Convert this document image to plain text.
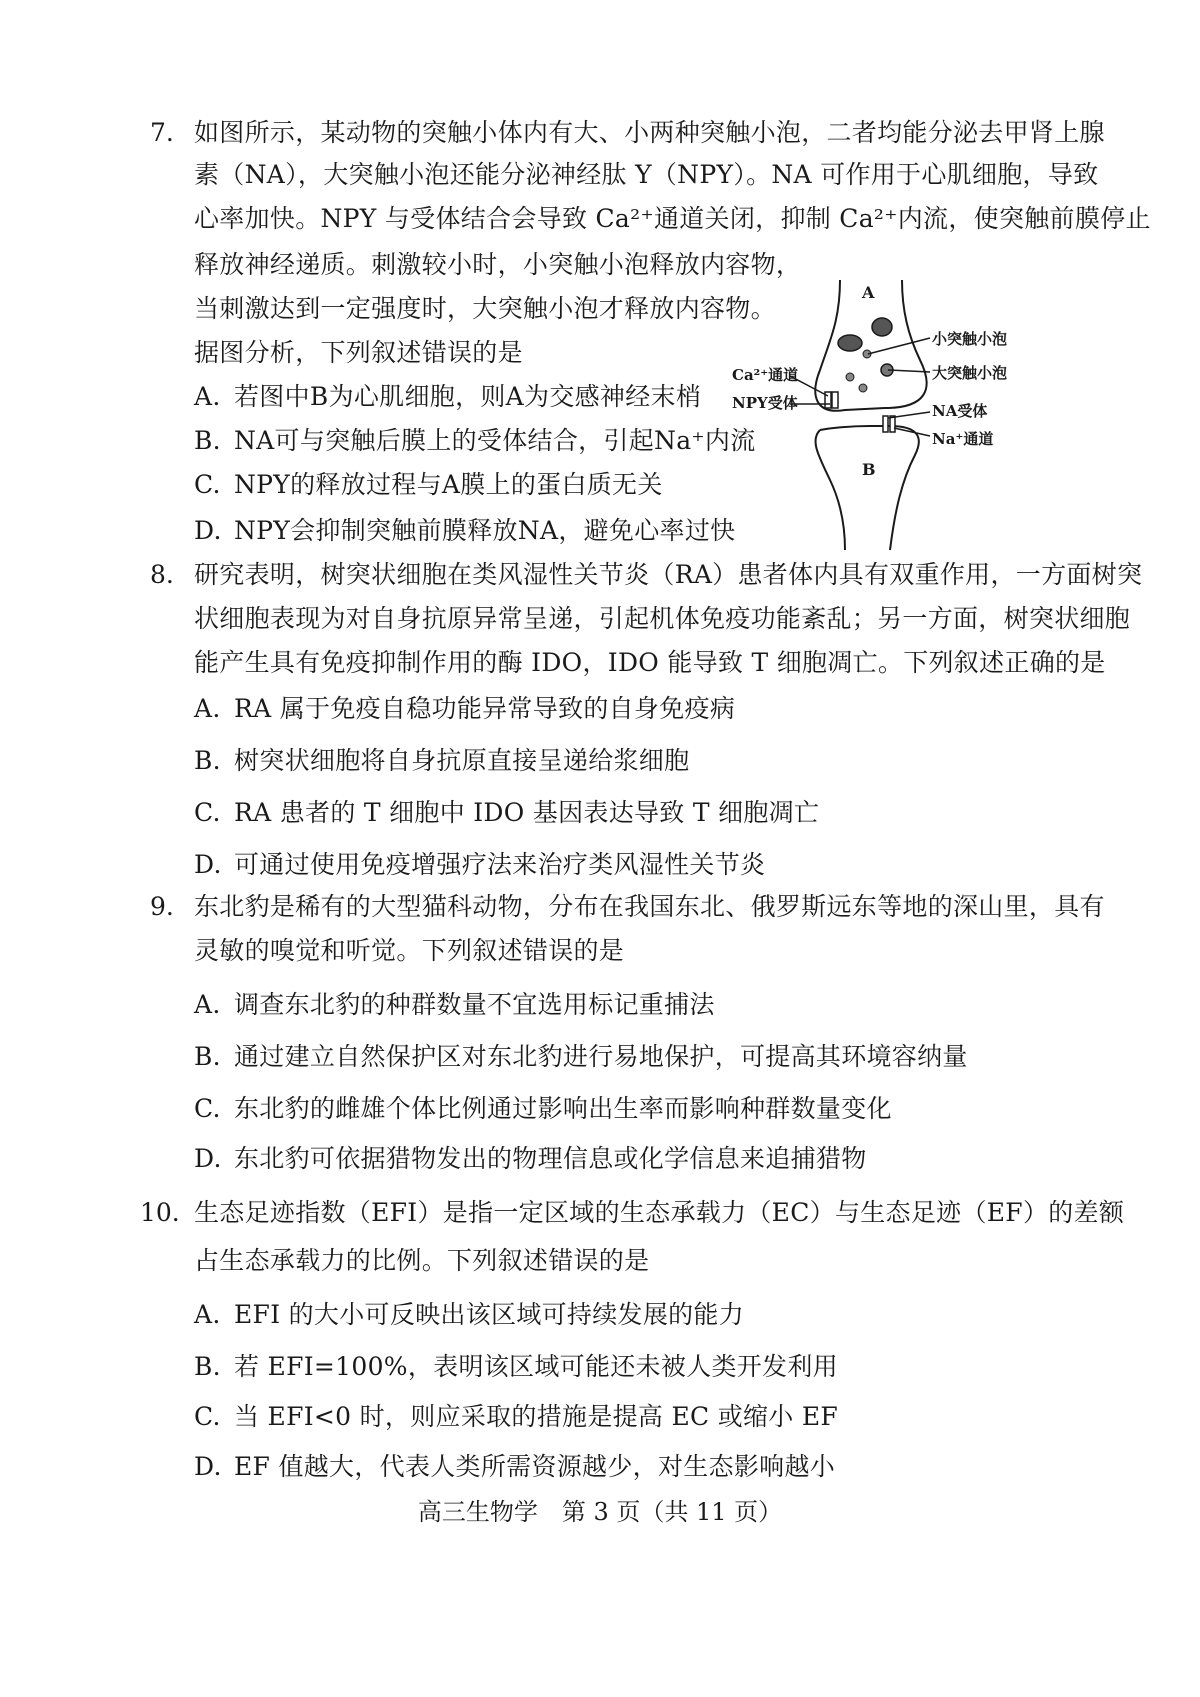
7. 如图所示，某动物的突触小体内有大、小两种突触小泡，二者均能分泌去甲肾上腺
素（NA），大突触小泡还能分泌神经肽 Y（NPY）。NA 可作用于心肌细胞，导致
心率加快。NPY 与受体结合会导致 Ca²⁺通道关闭，抑制 Ca²⁺内流，使突触前膜停止
释放神经递质。刺激较小时，小突触小泡释放内容物，
当刺激达到一定强度时，大突触小泡才释放内容物。
据图分析，下列叙述错误的是
A. 若图中B为心肌细胞，则A为交感神经末梢
B. NA可与突触后膜上的受体结合，引起Na⁺内流
C. NPY的释放过程与A膜上的蛋白质无关
D. NPY会抑制突触前膜释放NA，避免心率过快
A
B
小突触小泡
大突触小泡
NA受体
Na⁺通道
Ca²⁺通道
NPY受体
8. 研究表明，树突状细胞在类风湿性关节炎（RA）患者体内具有双重作用，一方面树突
状细胞表现为对自身抗原异常呈递，引起机体免疫功能紊乱；另一方面，树突状细胞
能产生具有免疫抑制作用的酶 IDO，IDO 能导致 T 细胞凋亡。下列叙述正确的是
A. RA 属于免疫自稳功能异常导致的自身免疫病
B. 树突状细胞将自身抗原直接呈递给浆细胞
C. RA 患者的 T 细胞中 IDO 基因表达导致 T 细胞凋亡
D. 可通过使用免疫增强疗法来治疗类风湿性关节炎
9. 东北豹是稀有的大型猫科动物，分布在我国东北、俄罗斯远东等地的深山里，具有
灵敏的嗅觉和听觉。下列叙述错误的是
A. 调查东北豹的种群数量不宜选用标记重捕法
B. 通过建立自然保护区对东北豹进行易地保护，可提高其环境容纳量
C. 东北豹的雌雄个体比例通过影响出生率而影响种群数量变化
D. 东北豹可依据猎物发出的物理信息或化学信息来追捕猎物
10. 生态足迹指数（EFI）是指一定区域的生态承载力（EC）与生态足迹（EF）的差额
占生态承载力的比例。下列叙述错误的是
A. EFI 的大小可反映出该区域可持续发展的能力
B. 若 EFI=100%，表明该区域可能还未被人类开发利用
C. 当 EFI<0 时，则应采取的措施是提高 EC 或缩小 EF
D. EF 值越大，代表人类所需资源越少，对生态影响越小
高三生物学　第 3 页（共 11 页）
